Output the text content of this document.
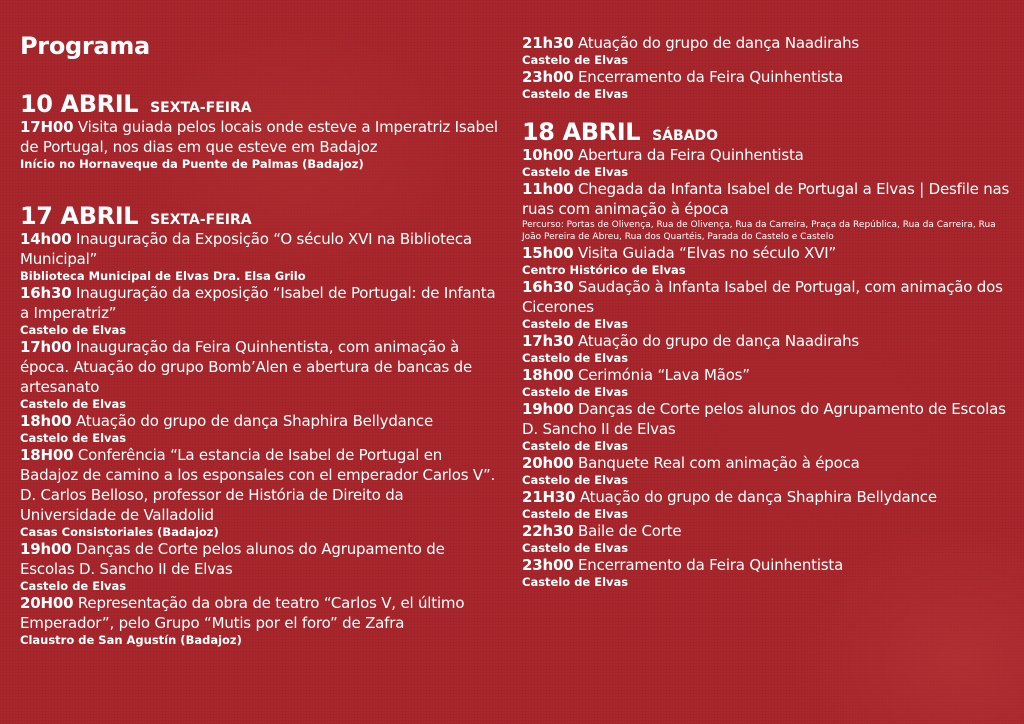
Programa
10 ABRIL SEXTA-FEIRA
17H00 Visita guiada pelos locais onde esteve a Imperatriz Isabel de Portugal, nos dias em que esteve em Badajoz
Início no Hornaveque da Puente de Palmas (Badajoz)
17 ABRIL SEXTA-FEIRA
14h00 Inauguração da Exposição “O século XVI na Biblioteca Municipal”
Biblioteca Municipal de Elvas Dra. Elsa Grilo
16h30 Inauguração da exposição “Isabel de Portugal: de Infanta a Imperatriz”
Castelo de Elvas
17h00 Inauguração da Feira Quinhentista, com animação à época. Atuação do grupo Bomb’Alen e abertura de bancas de artesanato
Castelo de Elvas
18h00 Atuação do grupo de dança Shaphira Bellydance
Castelo de Elvas
18H00 Conferência “La estancia de Isabel de Portugal en Badajoz de camino a los esponsales con el emperador Carlos V”. D. Carlos Belloso, professor de História de Direito da Universidade de Valladolid
Casas Consistoriales (Badajoz)
19h00 Danças de Corte pelos alunos do Agrupamento de Escolas D. Sancho II de Elvas
Castelo de Elvas
20H00 Representação da obra de teatro “Carlos V, el último Emperador”, pelo Grupo “Mutis por el foro” de Zafra
Claustro de San Agustín (Badajoz)
21h30 Atuação do grupo de dança Naadirahs
Castelo de Elvas
23h00 Encerramento da Feira Quinhentista
Castelo de Elvas
18 ABRIL SÁBADO
10h00 Abertura da Feira Quinhentista
Castelo de Elvas
11h00 Chegada da Infanta Isabel de Portugal a Elvas | Desfile nas ruas com animação à época
Percurso: Portas de Olivença, Rua de Olivença, Rua da Carreira, Praça da República, Rua da Carreira, Rua João Pereira de Abreu, Rua dos Quartéis, Parada do Castelo e Castelo
15h00 Visita Guiada “Elvas no século XVI”
Centro Histórico de Elvas
16h30 Saudação à Infanta Isabel de Portugal, com animação dos Cicerones
Castelo de Elvas
17h30 Atuação do grupo de dança Naadirahs
Castelo de Elvas
18h00 Cerimónia “Lava Mãos”
Castelo de Elvas
19h00 Danças de Corte pelos alunos do Agrupamento de Escolas D. Sancho II de Elvas
Castelo de Elvas
20h00 Banquete Real com animação à época
Castelo de Elvas
21H30 Atuação do grupo de dança Shaphira Bellydance
Castelo de Elvas
22h30 Baile de Corte
Castelo de Elvas
23h00 Encerramento da Feira Quinhentista
Castelo de Elvas
